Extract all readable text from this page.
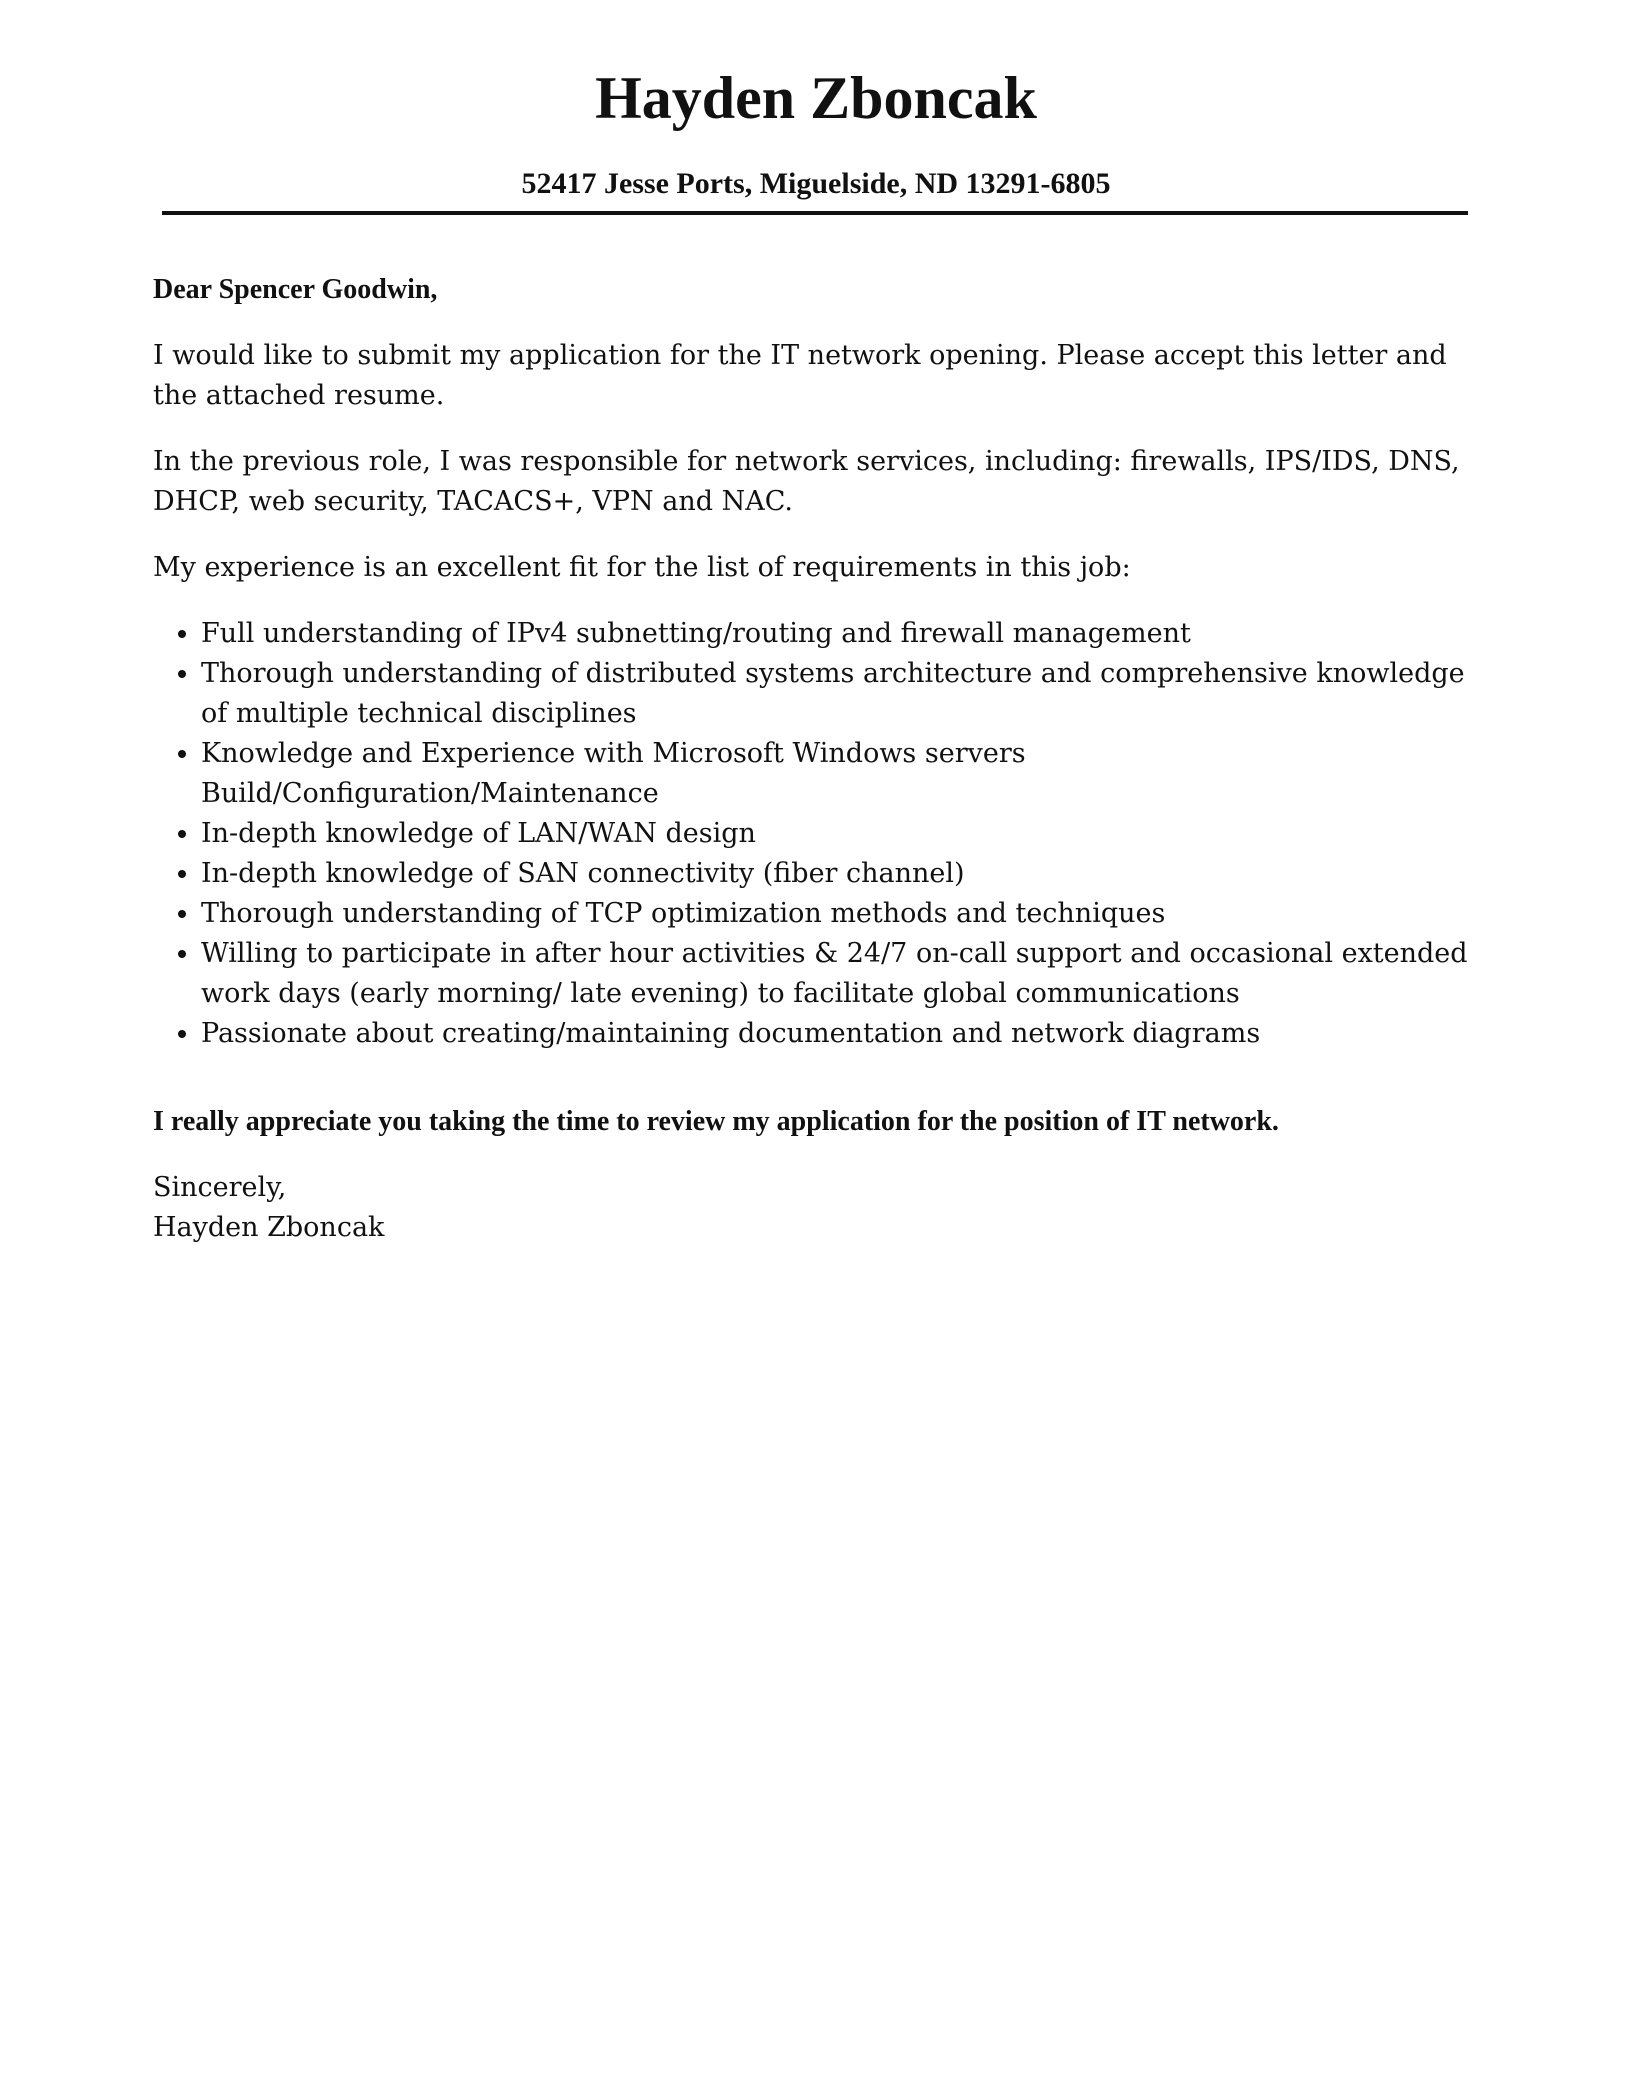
Hayden Zboncak
52417 Jesse Ports, Miguelside, ND 13291-6805

Dear Spencer Goodwin,

I would like to submit my application for the IT network opening. Please accept this letter and the attached resume.

In the previous role, I was responsible for network services, including: firewalls, IPS/IDS, DNS, DHCP, web security, TACACS+, VPN and NAC.

My experience is an excellent fit for the list of requirements in this job:

• Full understanding of IPv4 subnetting/routing and firewall management
• Thorough understanding of distributed systems architecture and comprehensive knowledge of multiple technical disciplines
• Knowledge and Experience with Microsoft Windows servers Build/Configuration/Maintenance
• In-depth knowledge of LAN/WAN design
• In-depth knowledge of SAN connectivity (fiber channel)
• Thorough understanding of TCP optimization methods and techniques
• Willing to participate in after hour activities & 24/7 on-call support and occasional extended work days (early morning/ late evening) to facilitate global communications
• Passionate about creating/maintaining documentation and network diagrams

I really appreciate you taking the time to review my application for the position of IT network.

Sincerely,

Hayden Zboncak
